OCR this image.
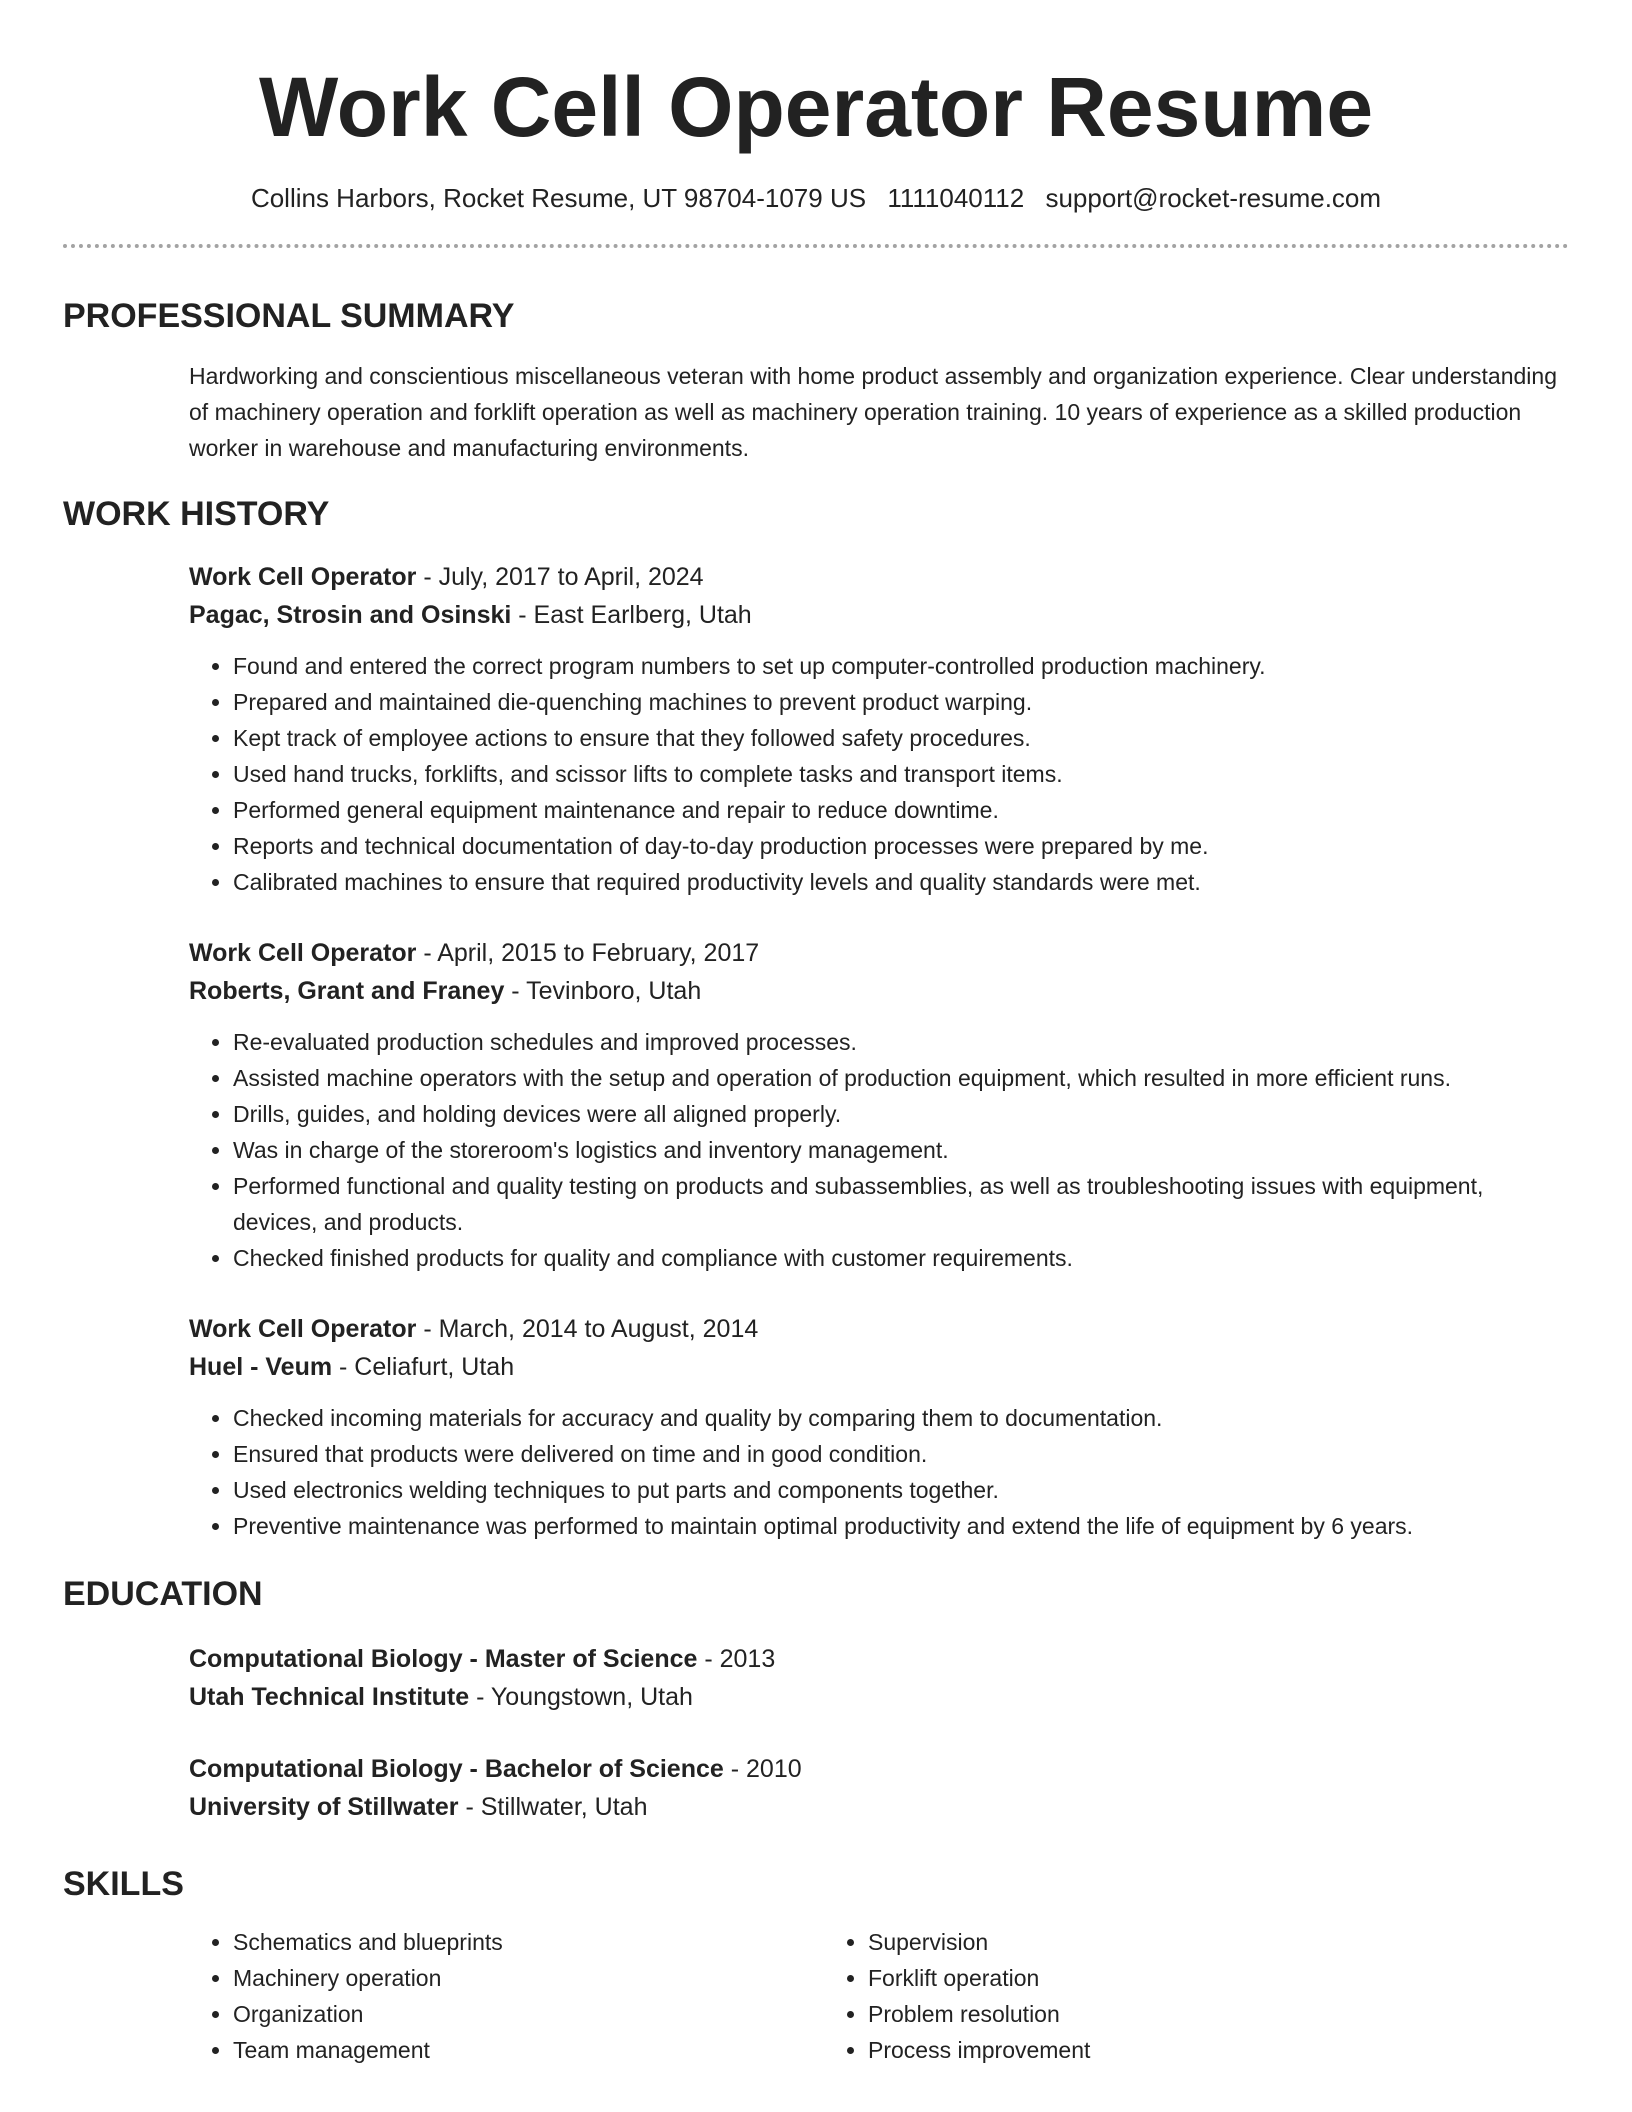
Work Cell Operator Resume
Collins Harbors, Rocket Resume, UT 98704-1079 US 1111040112 support@rocket-resume.com
PROFESSIONAL SUMMARY

Hardworking and conscientious miscellaneous veteran with home product assembly and organization experience. Clear understanding of machinery operation and forklift operation as well as machinery operation training. 10 years of experience as a skilled production worker in warehouse and manufacturing environments.

WORK HISTORY
Work Cell Operator - July, 2017 to April, 2024
Pagac, Strosin and Osinski - East Earlberg, Utah
• Found and entered the correct program numbers to set up computer-controlled production machinery.
• Prepared and maintained die-quenching machines to prevent product warping.
• Kept track of employee actions to ensure that they followed safety procedures.
• Used hand trucks, forklifts, and scissor lifts to complete tasks and transport items.
• Performed general equipment maintenance and repair to reduce downtime.
• Reports and technical documentation of day-to-day production processes were prepared by me.
• Calibrated machines to ensure that required productivity levels and quality standards were met.
Work Cell Operator - April, 2015 to February, 2017
Roberts, Grant and Franey - Tevinboro, Utah
• Re-evaluated production schedules and improved processes.
• Assisted machine operators with the setup and operation of production equipment, which resulted in more efficient runs.
• Drills, guides, and holding devices were all aligned properly.
• Was in charge of the storeroom's logistics and inventory management.
• Performed functional and quality testing on products and subassemblies, as well as troubleshooting issues with equipment, devices, and products.
• Checked finished products for quality and compliance with customer requirements.
Work Cell Operator - March, 2014 to August, 2014
Huel - Veum - Celiafurt, Utah
• Checked incoming materials for accuracy and quality by comparing them to documentation.
• Ensured that products were delivered on time and in good condition.
• Used electronics welding techniques to put parts and components together.
• Preventive maintenance was performed to maintain optimal productivity and extend the life of equipment by 6 years.
EDUCATION
Computational Biology - Master of Science - 2013
Utah Technical Institute - Youngstown, Utah
Computational Biology - Bachelor of Science - 2010
University of Stillwater - Stillwater, Utah
SKILLS
• Schematics and blueprints
• Machinery operation
• Organization
• Team management
• Supervision
• Forklift operation
• Problem resolution
• Process improvement
